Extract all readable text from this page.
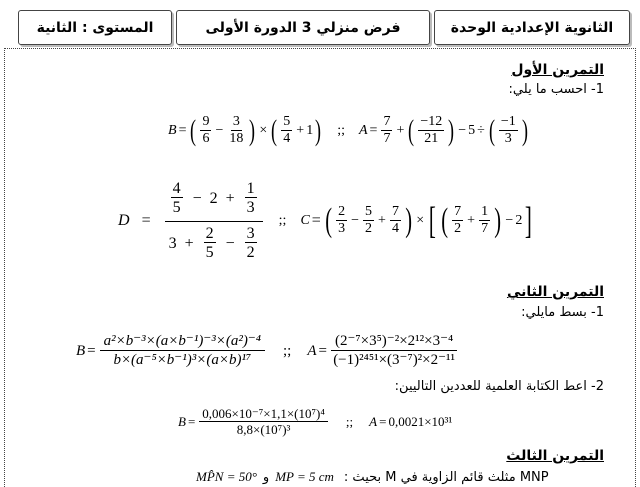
الثانوية الإعدادية الوحدة
فرض منزلي 3 الدورة الأولى
المستوى : الثانية
التمرين الأول
1- احسب ما يلي:
B = ( $\frac{9}{6} - \frac{3}{18}$ ) × ( $\frac{5}{4} + 1$ ) ;; $A = \frac{7}{7}$ + ( $\frac{-12}{21}$ ) − 5 ÷ ( $\frac{-1}{3}$ )
$D = \frac{\frac{4}{5} - 2 + \frac{1}{3}}{3 + \frac{2}{5} - \frac{3}{2}}$ ;; C = ( $\frac{2}{3} - \frac{5}{2} + \frac{7}{4}$ ) × [ ( $\frac{7}{2} + \frac{1}{7}$ ) − 2 ]
التمرين الثاني
1- بسط مايلي:
$B = \frac{\text{a²×b⁻³×(a×b⁻¹)⁻³×(a²)⁻⁴}}{\text{b×(a⁻⁵×b⁻¹)³×(a×b)¹⁷}}$ ;; $A = \frac{\text{(2⁻⁷×3⁵)⁻²×2¹²×3⁻⁴}}{\text{(−1)²⁴⁵¹×(3⁻⁷)²×2⁻¹¹}}$
2- اعط الكتابة العلمية للعددين التاليين:
$B = \frac{\text{0,006×10⁻⁷×1,1×(10⁷)⁴}}{\text{8,8×(10⁷)³}}$ ;; A = 0,0021×10³¹
التمرين الثالث
MP̂N = 50° و MP = 5 cm MNP مثلث قائم الزاوية في M بحيث :
